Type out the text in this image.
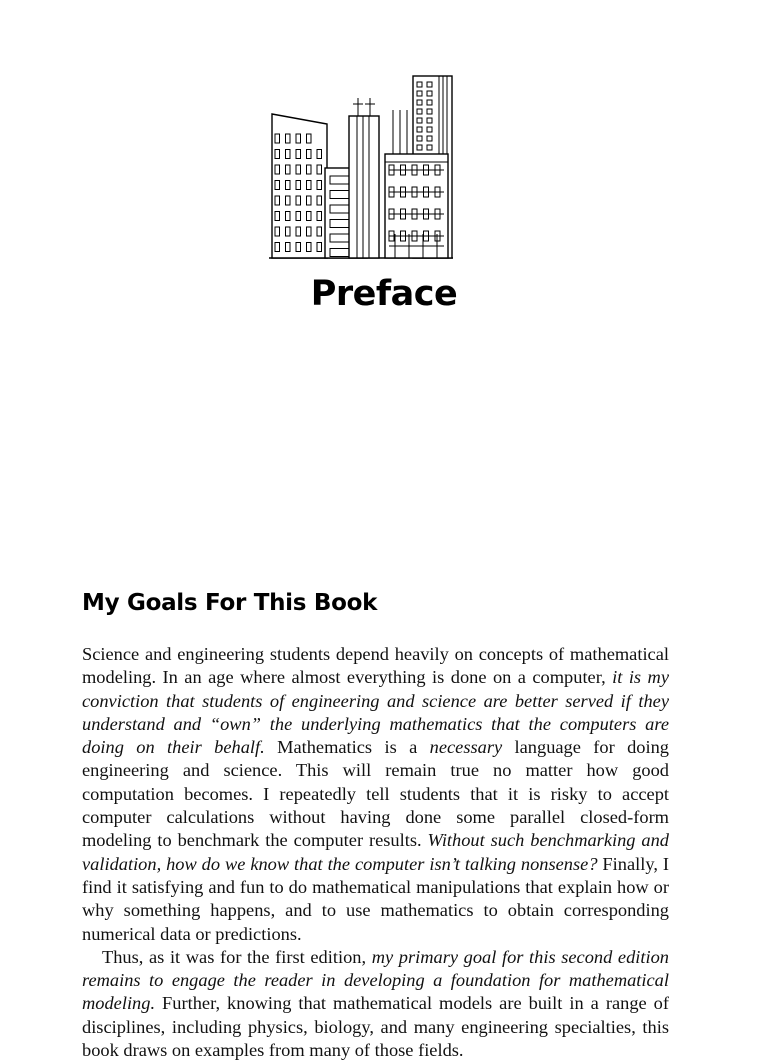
Preface
My Goals For This Book

Science and engineering students depend heavily on concepts of mathematical modeling. In an age where almost everything is done on a computer, it is my conviction that students of engineering and science are better served if they understand and “own” the underlying mathematics that the computers are doing on their behalf. Mathematics is a necessary language for doing engineering and science. This will remain true no matter how good computation becomes. I repeatedly tell students that it is risky to accept computer calculations without having done some parallel closed-form modeling to benchmark the computer results. Without such benchmarking and validation, how do we know that the computer isn’t talking nonsense? Finally, I find it satisfying and fun to do mathematical manipulations that explain how or why something happens, and to use mathematics to obtain corresponding numerical data or predictions.

Thus, as it was for the first edition, my primary goal for this second edition remains to engage the reader in developing a foundation for mathematical modeling. Further, knowing that mathematical models are built in a range of disciplines, including physics, biology, and many engineering specialties, this book draws on examples from many of those fields.
